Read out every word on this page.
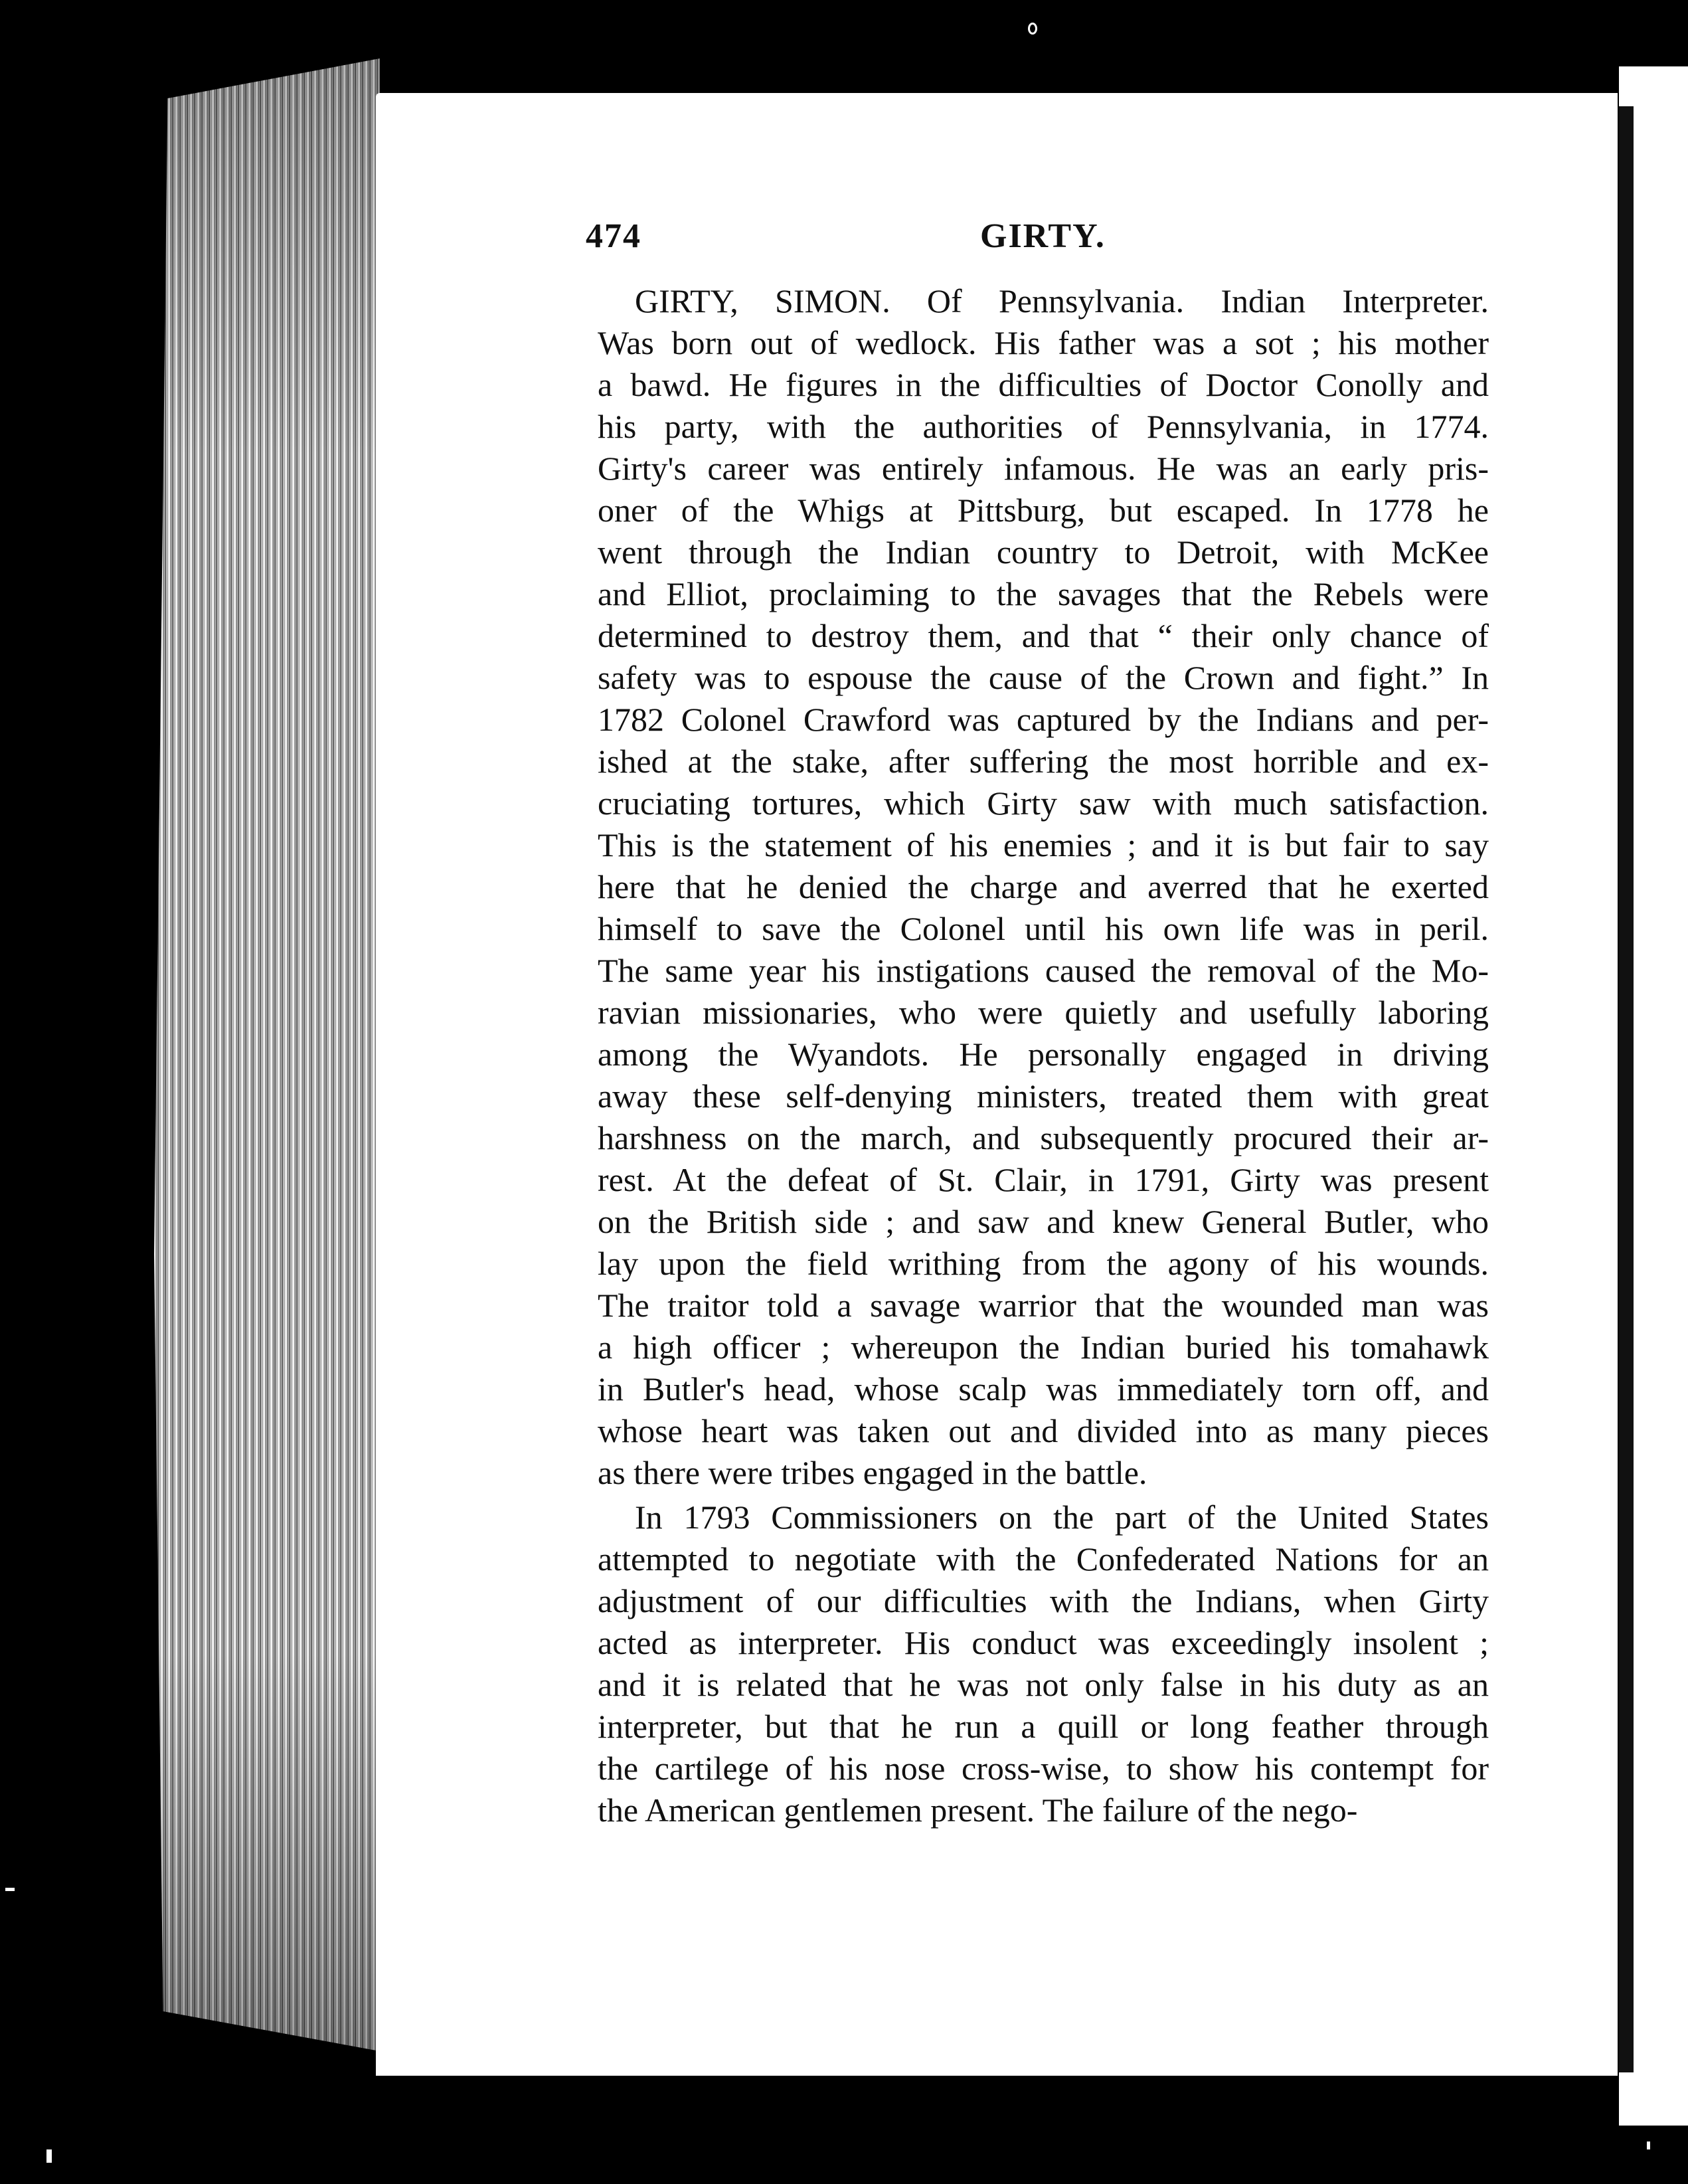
474	GIRTY.
GIRTY, SIMON. Of Pennsylvania. Indian Interpreter.
Was born out of wedlock. His father was a sot ; his mother
a bawd. He figures in the difficulties of Doctor Conolly and
his party, with the authorities of Pennsylvania, in 1774.
Girty's career was entirely infamous. He was an early pris-
oner of the Whigs at Pittsburg, but escaped. In 1778 he
went through the Indian country to Detroit, with McKee
and Elliot, proclaiming to the savages that the Rebels were
determined to destroy them, and that “ their only chance of
safety was to espouse the cause of the Crown and fight.” In
1782 Colonel Crawford was captured by the Indians and per-
ished at the stake, after suffering the most horrible and ex-
cruciating tortures, which Girty saw with much satisfaction.
This is the statement of his enemies ; and it is but fair to say
here that he denied the charge and averred that he exerted
himself to save the Colonel until his own life was in peril.
The same year his instigations caused the removal of the Mo-
ravian missionaries, who were quietly and usefully laboring
among the Wyandots. He personally engaged in driving
away these self-denying ministers, treated them with great
harshness on the march, and subsequently procured their ar-
rest. At the defeat of St. Clair, in 1791, Girty was present
on the British side ; and saw and knew General Butler, who
lay upon the field writhing from the agony of his wounds.
The traitor told a savage warrior that the wounded man was
a high officer ; whereupon the Indian buried his tomahawk
in Butler's head, whose scalp was immediately torn off, and
whose heart was taken out and divided into as many pieces
as there were tribes engaged in the battle.
In 1793 Commissioners on the part of the United States
attempted to negotiate with the Confederated Nations for an
adjustment of our difficulties with the Indians, when Girty
acted as interpreter. His conduct was exceedingly insolent ;
and it is related that he was not only false in his duty as an
interpreter, but that he run a quill or long feather through
the cartilege of his nose cross-wise, to show his contempt for
the American gentlemen present. The failure of the nego-
